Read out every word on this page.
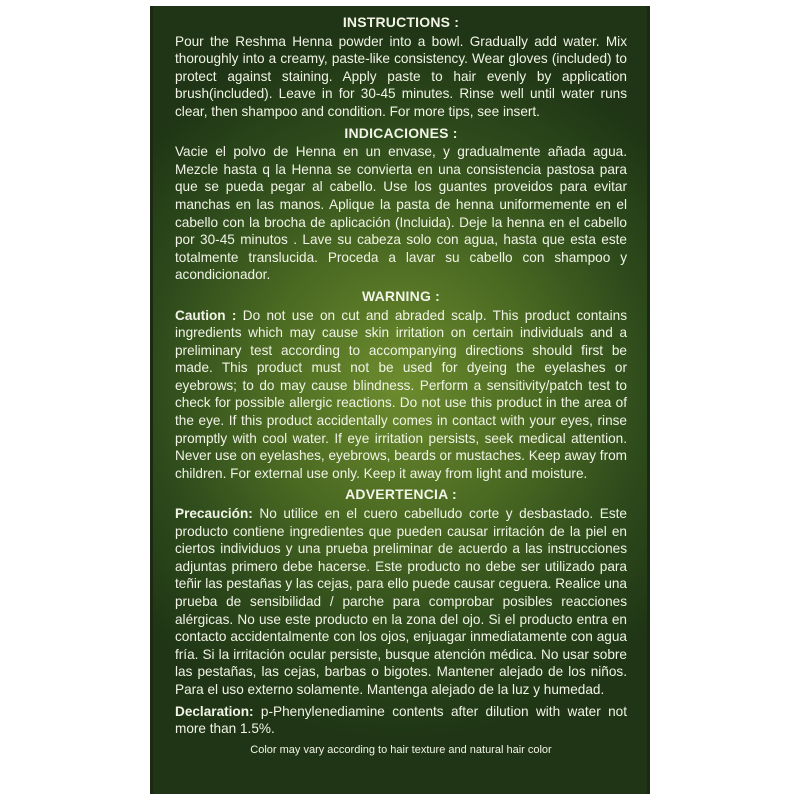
INSTRUCTIONS :

Pour the Reshma Henna powder into a bowl. Gradually add water. Mix thoroughly into a creamy, paste-like consistency. Wear gloves (included) to protect against staining. Apply paste to hair evenly by application brush(included). Leave in for 30-45 minutes. Rinse well until water runs clear, then shampoo and condition. For more tips, see insert.

INDICACIONES :

Vacie el polvo de Henna en un envase, y gradualmente añada agua. Mezcle hasta q la Henna se convierta en una consistencia pastosa para que se pueda pegar al cabello. Use los guantes proveidos para evitar manchas en las manos. Aplique la pasta de henna uniformemente en el cabello con la brocha de aplicación (Incluida). Deje la henna en el cabello por 30-45 minutos . Lave su cabeza solo con agua, hasta que esta este totalmente translucida. Proceda a lavar su cabello con shampoo y acondicionador.

WARNING :

Caution : Do not use on cut and abraded scalp. This product contains ingredients which may cause skin irritation on certain individuals and a preliminary test according to accompanying directions should first be made. This product must not be used for dyeing the eyelashes or eyebrows; to do may cause blindness. Perform a sensitivity/patch test to check for possible allergic reactions. Do not use this product in the area of the eye. If this product accidentally comes in contact with your eyes, rinse promptly with cool water. If eye irritation persists, seek medical attention. Never use on eyelashes, eyebrows, beards or mustaches. Keep away from children. For external use only. Keep it away from light and moisture.

ADVERTENCIA :

Precaución: No utilice en el cuero cabelludo corte y desbastado. Este producto contiene ingredientes que pueden causar irritación de la piel en ciertos individuos y una prueba preliminar de acuerdo a las instrucciones adjuntas primero debe hacerse. Este producto no debe ser utilizado para teñir las pestañas y las cejas, para ello puede causar ceguera. Realice una prueba de sensibilidad / parche para comprobar posibles reacciones alérgicas. No use este producto en la zona del ojo. Si el producto entra en contacto accidentalmente con los ojos, enjuagar inmediatamente con agua fría. Si la irritación ocular persiste, busque atención médica. No usar sobre las pestañas, las cejas, barbas o bigotes. Mantener alejado de los niños. Para el uso externo solamente. Mantenga alejado de la luz y humedad.

Declaration: p-Phenylenediamine contents after dilution with water not more than 1.5%.

Color may vary according to hair texture and natural hair color
